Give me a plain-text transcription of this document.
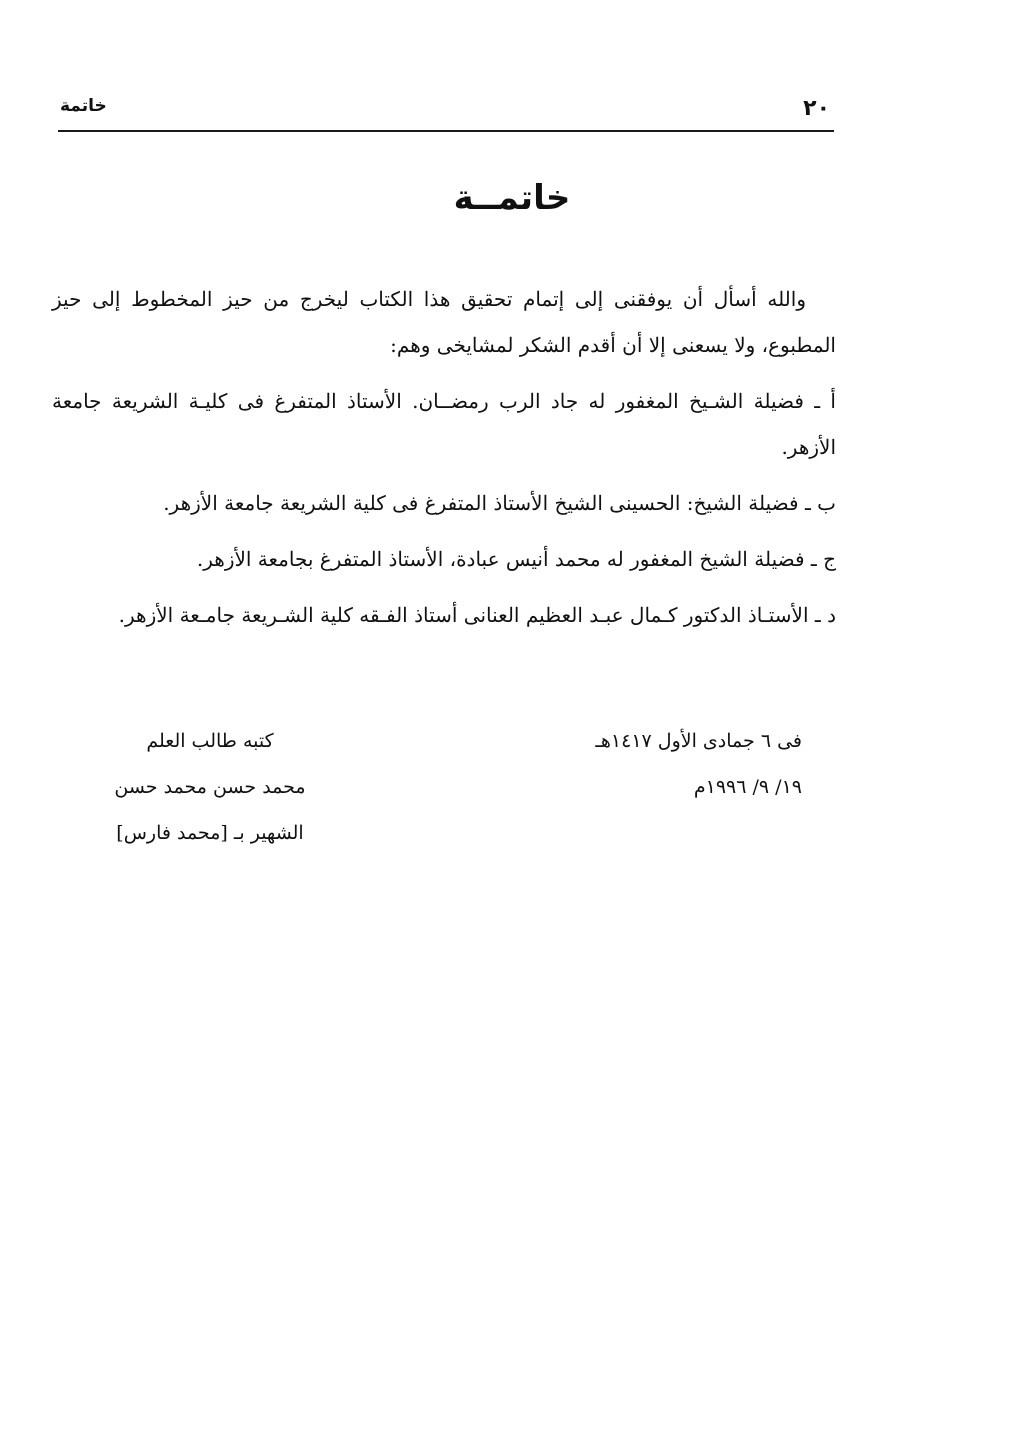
٢٠
خاتمة
خاتمــة

والله أسأل أن يوفقنى إلى إتمام تحقيق هذا الكتاب ليخرج من حيز المخطوط إلى حيز المطبوع، ولا يسعنى إلا أن أقدم الشكر لمشايخى وهم:

أ ـ فضيلة الشـيخ المغفور له جاد الرب رمضــان. الأستاذ المتفرغ فى كليـة الشريعة جامعة الأزهر.

ب ـ فضيلة الشيخ: الحسينى الشيخ الأستاذ المتفرغ فى كلية الشريعة جامعة الأزهر.

ج ـ فضيلة الشيخ المغفور له محمد أنيس عبادة، الأستاذ المتفرغ بجامعة الأزهر.

د ـ الأستـاذ الدكتور كـمال عبـد العظيم العنانى أستاذ الفـقه كلية الشـريعة جامـعة الأزهر.

فى ٦ جمادى الأول ١٤١٧هـ
١٩/ ٩/ ١٩٩٦م
كتبه طالب العلم
محمد حسن محمد حسن
الشهير بـ [محمد فارس]
